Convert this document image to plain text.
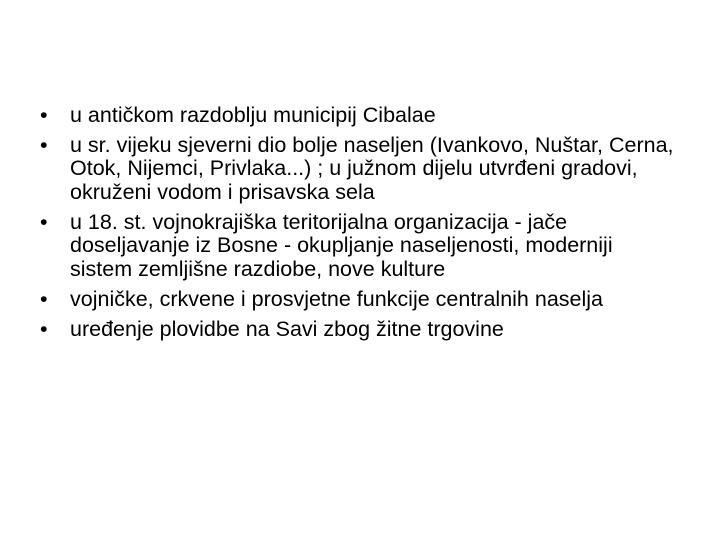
•	u antičkom razdoblju municipij Cibalae
•	u sr. vijeku sjeverni dio bolje naseljen (Ivankovo, Nuštar, Cerna, Otok, Nijemci, Privlaka...) ; u južnom dijelu utvrđeni gradovi, okruženi vodom i prisavska sela
•	u 18. st. vojnokrajiška teritorijalna organizacija - jače doseljavanje iz Bosne - okupljanje naseljenosti, moderniji sistem zemljišne razdiobe, nove kulture
•	vojničke, crkvene i prosvjetne funkcije centralnih naselja
•	uređenje plovidbe na Savi zbog žitne trgovine
